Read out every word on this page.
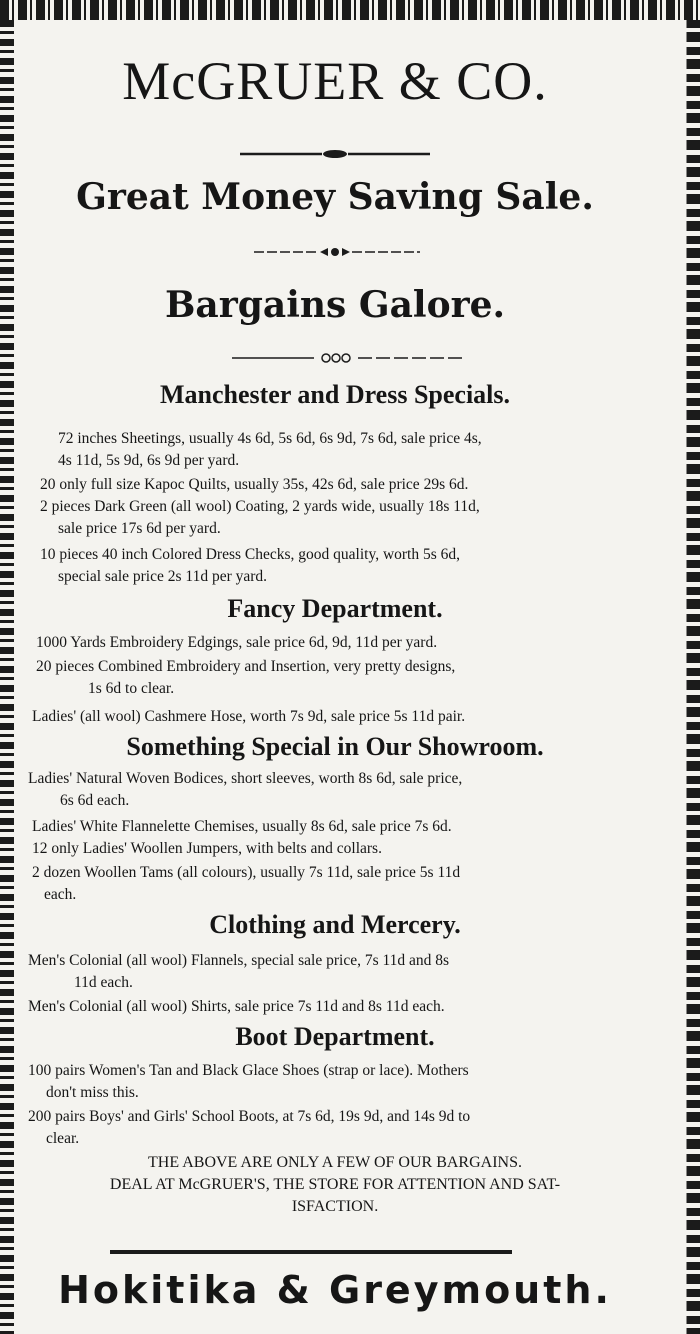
McGRUER & CO.
Great Money Saving Sale.
Bargains Galore.
Manchester and Dress Specials.
72 inches Sheetings, usually 4s 6d, 5s 6d, 6s 9d, 7s 6d, sale price 4s,
4s 11d, 5s 9d, 6s 9d per yard.
20 only full size Kapoc Quilts, usually 35s, 42s 6d, sale price 29s 6d.
2 pieces Dark Green (all wool) Coating, 2 yards wide, usually 18s 11d,
sale price 17s 6d per yard.
10 pieces 40 inch Colored Dress Checks, good quality, worth 5s 6d,
special sale price 2s 11d per yard.
Fancy Department.
1000 Yards Embroidery Edgings, sale price 6d, 9d, 11d per yard.
20 pieces Combined Embroidery and Insertion, very pretty designs,
1s 6d to clear.
Ladies' (all wool) Cashmere Hose, worth 7s 9d, sale price 5s 11d pair.
Something Special in Our Showroom.
Ladies' Natural Woven Bodices, short sleeves, worth 8s 6d, sale price,
6s 6d each.
Ladies' White Flannelette Chemises, usually 8s 6d, sale price 7s 6d.
12 only Ladies' Woollen Jumpers, with belts and collars.
2 dozen Woollen Tams (all colours), usually 7s 11d, sale price 5s 11d
each.
Clothing and Mercery.
Men's Colonial (all wool) Flannels, special sale price, 7s 11d and 8s
11d each.
Men's Colonial (all wool) Shirts, sale price 7s 11d and 8s 11d each.
Boot Department.
100 pairs Women's Tan and Black Glace Shoes (strap or lace). Mothers
don't miss this.
200 pairs Boys' and Girls' School Boots, at 7s 6d, 19s 9d, and 14s 9d to
clear.
THE ABOVE ARE ONLY A FEW OF OUR BARGAINS.
DEAL AT McGRUER'S, THE STORE FOR ATTENTION AND SAT-
ISFACTION.
Hokitika & Greymouth.
